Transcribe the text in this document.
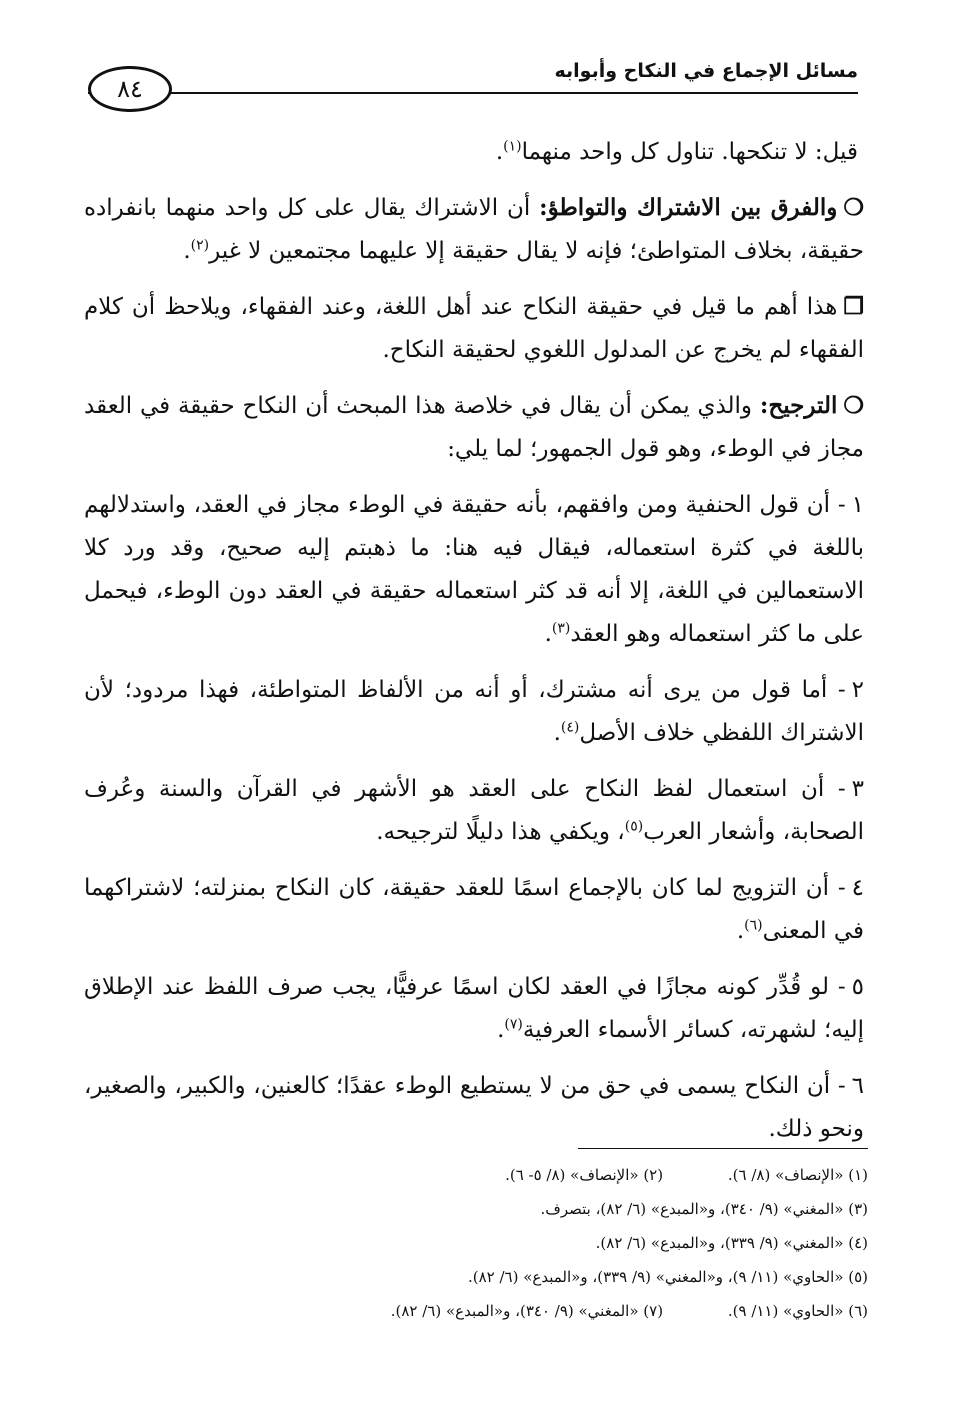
مسائل الإجماع في النكاح وأبوابه
٨٤

قيل: لا تنكحها. تناول كل واحد منهما$^{(١)}$.

❍والفرق بين الاشتراك والتواطؤ: أن الاشتراك يقال على كل واحد منهما بانفراده حقيقة، بخلاف المتواطئ؛ فإنه لا يقال حقيقة إلا عليهما مجتمعين لا غير$^{(٢)}$.

❐هذا أهم ما قيل في حقيقة النكاح عند أهل اللغة، وعند الفقهاء، ويلاحظ أن كلام الفقهاء لم يخرج عن المدلول اللغوي لحقيقة النكاح.

❍الترجيح: والذي يمكن أن يقال في خلاصة هذا المبحث أن النكاح حقيقة في العقد مجاز في الوطء، وهو قول الجمهور؛ لما يلي:

١- أن قول الحنفية ومن وافقهم، بأنه حقيقة في الوطء مجاز في العقد، واستدلالهم باللغة في كثرة استعماله، فيقال فيه هنا: ما ذهبتم إليه صحيح، وقد ورد كلا الاستعمالين في اللغة، إلا أنه قد كثر استعماله حقيقة في العقد دون الوطء، فيحمل على ما كثر استعماله وهو العقد$^{(٣)}$.

٢- أما قول من يرى أنه مشترك، أو أنه من الألفاظ المتواطئة، فهذا مردود؛ لأن الاشتراك اللفظي خلاف الأصل$^{(٤)}$.

٣- أن استعمال لفظ النكاح على العقد هو الأشهر في القرآن والسنة وعُرف الصحابة، وأشعار العرب$^{(٥)}$، ويكفي هذا دليلًا لترجيحه.

٤- أن التزويج لما كان بالإجماع اسمًا للعقد حقيقة، كان النكاح بمنزلته؛ لاشتراكهما في المعنى$^{(٦)}$.

٥- لو قُدِّر كونه مجازًا في العقد لكان اسمًا عرفيًّا، يجب صرف اللفظ عند الإطلاق إليه؛ لشهرته، كسائر الأسماء العرفية$^{(٧)}$.

٦- أن النكاح يسمى في حق من لا يستطيع الوطء عقدًا؛ كالعنين، والكبير، والصغير، ونحو ذلك.

(١) «الإنصاف» (٨/ ٦). (٢) «الإنصاف» (٨/ ٥- ٦).
(٣) «المغني» (٩/ ٣٤٠)، و«المبدع» (٦/ ٨٢)، بتصرف.
(٤) «المغني» (٩/ ٣٣٩)، و«المبدع» (٦/ ٨٢).
(٥) «الحاوي» (١١/ ٩)، و«المغني» (٩/ ٣٣٩)، و«المبدع» (٦/ ٨٢).
(٦) «الحاوي» (١١/ ٩). (٧) «المغني» (٩/ ٣٤٠)، و«المبدع» (٦/ ٨٢).
